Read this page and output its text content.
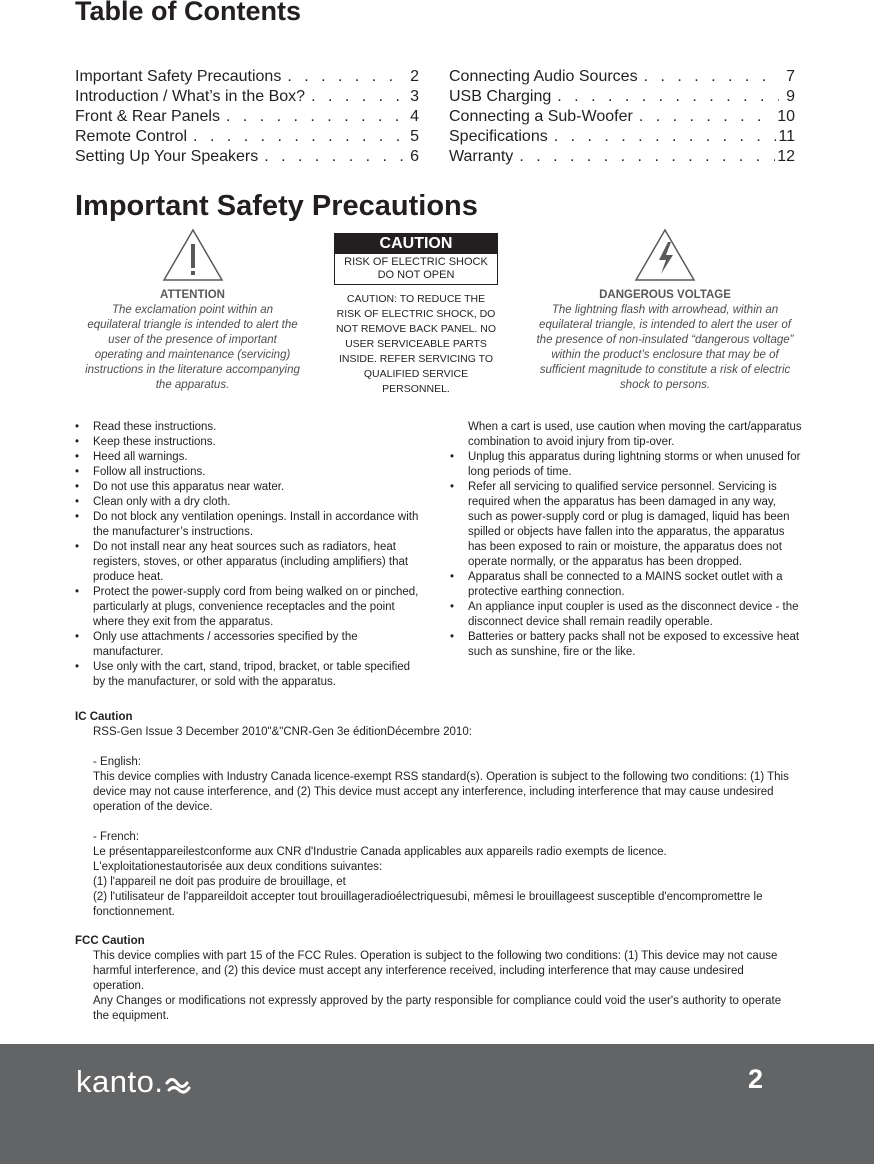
Table of Contents
Important Safety Precautions . . .	2
Introduction / What’s in the Box? . . .	3
Front & Rear Panels . . .	4
Remote Control . . .	5
Setting Up Your Speakers . . .	6
Connecting Audio Sources . . .	7
USB Charging . . .	9
Connecting a Sub-Woofer . . .	10
Specifications . . .	11
Warranty . . .	12
Important Safety Precautions
ATTENTION
The exclamation point within an equilateral triangle is intended to alert the user of the presence of important operating and maintenance (servicing) instructions in the literature accompanying the apparatus.
CAUTION
RISK OF ELECTRIC SHOCK
DO NOT OPEN
CAUTION: TO REDUCE THE RISK OF ELECTRIC SHOCK, DO NOT REMOVE BACK PANEL. NO USER SERVICEABLE PARTS INSIDE. REFER SERVICING TO QUALIFIED SERVICE PERSONNEL.
DANGEROUS VOLTAGE
The lightning flash with arrowhead, within an equilateral triangle, is intended to alert the user of the presence of non-insulated “dangerous voltage” within the product’s enclosure that may be of sufficient magnitude to constitute a risk of electric shock to persons.
• Read these instructions.
• Keep these instructions.
• Heed all warnings.
• Follow all instructions.
• Do not use this apparatus near water.
• Clean only with a dry cloth.
• Do not block any ventilation openings. Install in accordance with the manufacturer’s instructions.
• Do not install near any heat sources such as radiators, heat registers, stoves, or other apparatus (including amplifiers) that produce heat.
• Protect the power-supply cord from being walked on or pinched, particularly at plugs, convenience receptacles and the point where they exit from the apparatus.
• Only use attachments / accessories specified by the manufacturer.
• Use only with the cart, stand, tripod, bracket, or table specified by the manufacturer, or sold with the apparatus.
When a cart is used, use caution when moving the cart/apparatus combination to avoid injury from tip-over.
• Unplug this apparatus during lightning storms or when unused for long periods of time.
• Refer all servicing to qualified service personnel. Servicing is required when the apparatus has been damaged in any way, such as power-supply cord or plug is damaged, liquid has been spilled or objects have fallen into the apparatus, the apparatus has been exposed to rain or moisture, the apparatus does not operate normally, or the apparatus has been dropped.
• Apparatus shall be connected to a MAINS socket outlet with a protective earthing connection.
• An appliance input coupler is used as the disconnect device - the disconnect device shall remain readily operable.
• Batteries or battery packs shall not be exposed to excessive heat such as sunshine, fire or the like.
IC Caution

RSS-Gen Issue 3 December 2010"&"CNR-Gen 3e éditionDécembre 2010:

- English:

This device complies with Industry Canada licence-exempt RSS standard(s). Operation is subject to the following two conditions: (1) This device may not cause interference, and (2) This device must accept any interference, including interference that may cause undesired operation of the device.

- French:

Le présentappareilestconforme aux CNR d'Industrie Canada applicables aux appareils radio exempts de licence.

L'exploitationestautorisée aux deux conditions suivantes:

(1) l'appareil ne doit pas produire de brouillage, et

(2) l'utilisateur de l'appareildoit accepter tout brouillageradioélectriquesubi, mêmesi le brouillageest susceptible d'encompromettre le fonctionnement.

FCC Caution

This device complies with part 15 of the FCC Rules. Operation is subject to the following two conditions: (1) This device may not cause harmful interference, and (2) this device must accept any interference received, including interference that may cause undesired operation.

Any Changes or modifications not expressly approved by the party responsible for compliance could void the user's authority to operate the equipment.

kanto.	2
